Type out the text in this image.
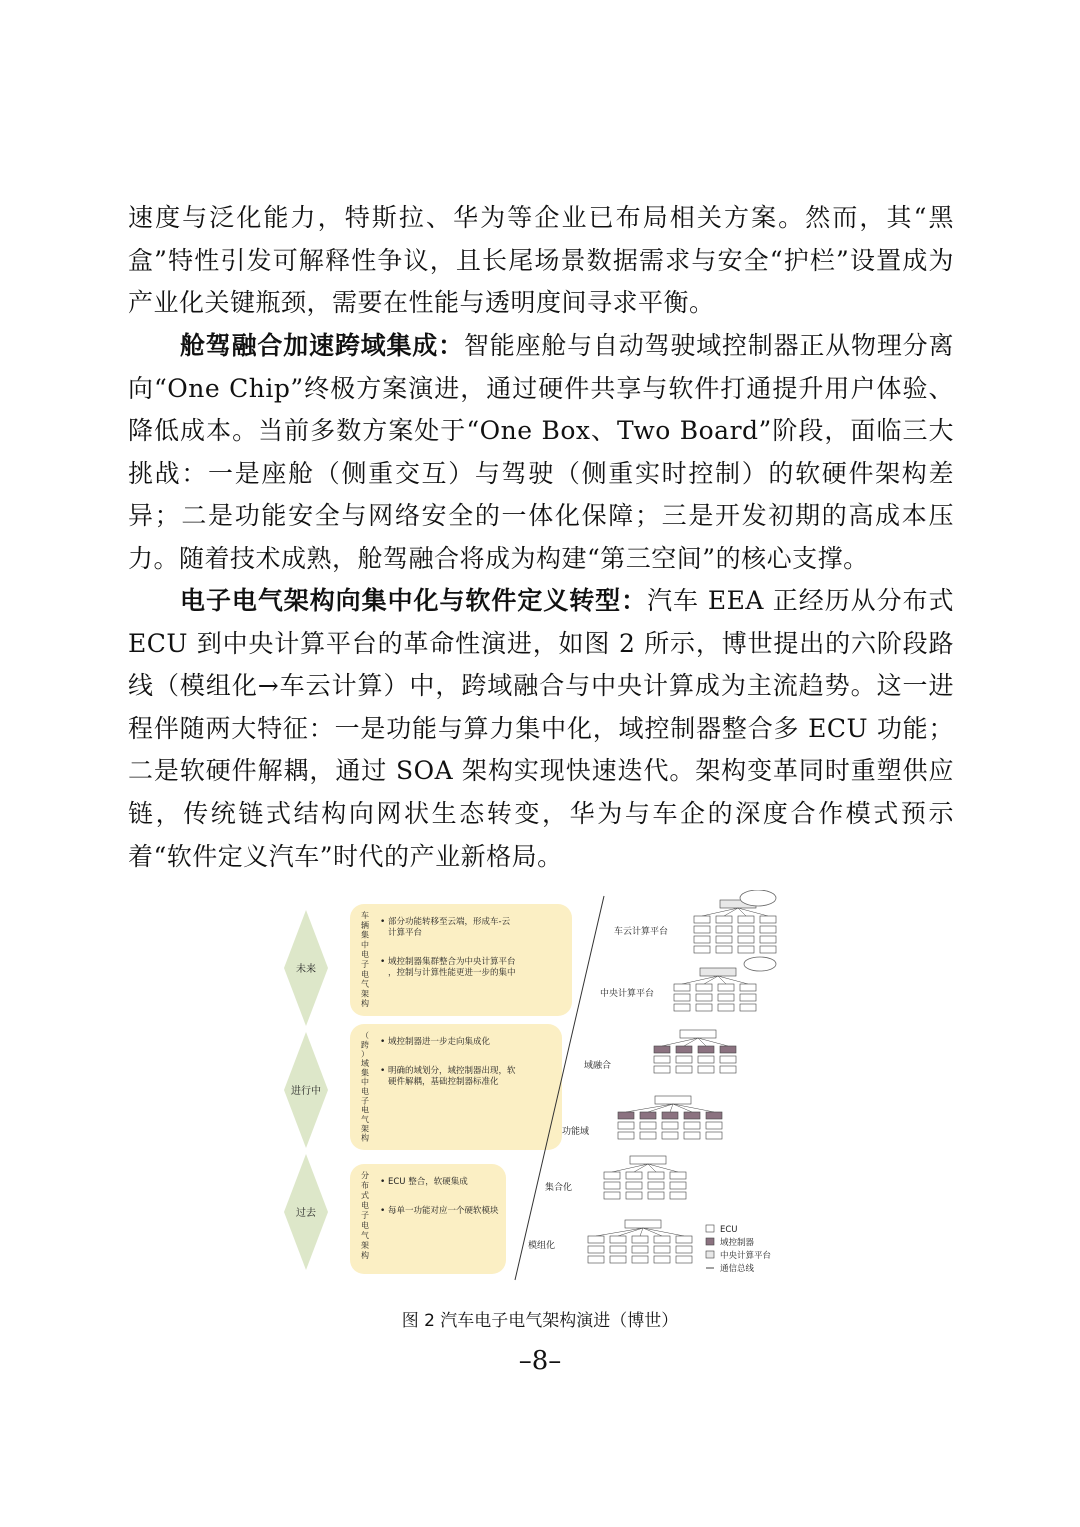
速度与泛化能力，特斯拉、华为等企业已布局相关方案。然而，其“黑盒”特性引发可解释性争议，且长尾场景数据需求与安全“护栏”设置成为产业化关键瓶颈，需要在性能与透明度间寻求平衡。

舱驾融合加速跨域集成：智能座舱与自动驾驶域控制器正从物理分离向“One Chip”终极方案演进，通过硬件共享与软件打通提升用户体验、降低成本。当前多数方案处于“One Box、Two Board”阶段，面临三大挑战：一是座舱（侧重交互）与驾驶（侧重实时控制）的软硬件架构差异；二是功能安全与网络安全的一体化保障；三是开发初期的高成本压力。随着技术成熟，舱驾融合将成为构建“第三空间”的核心支撑。

电子电气架构向集中化与软件定义转型：汽车 EEA 正经历从分布式 ECU 到中央计算平台的革命性演进，如图 2 所示，博世提出的六阶段路线（模组化→车云计算）中，跨域融合与中央计算成为主流趋势。这一进程伴随两大特征：一是功能与算力集中化，域控制器整合多 ECU 功能；二是软硬件解耦，通过 SOA 架构实现快速迭代。架构变革同时重塑供应链，传统链式结构向网状生态转变，华为与车企的深度合作模式预示着“软件定义汽车”时代的产业新格局。

未来
车
辆
集
中
电
子
电
气
架
构
• 部分功能转移至云端，形成车-云
计算平台
• 域控制器集群整合为中央计算平台
，控制与计算性能更进一步的集中
进行中
（
跨
）
域
集
中
电
子
电
气
架
构
• 域控制器进一步走向集成化
• 明确的域划分，域控制器出现，软
硬件解耦，基础控制器标准化
过去
分
布
式
电
子
电
气
架
构
• ECU 整合，软硬集成
• 每单一功能对应一个硬软模块
车云计算平台
中央计算平台
域融合
功能域
集合化
模组化
ECU
域控制器
中央计算平台
通信总线
图 2 汽车电子电气架构演进（博世）
–8–
